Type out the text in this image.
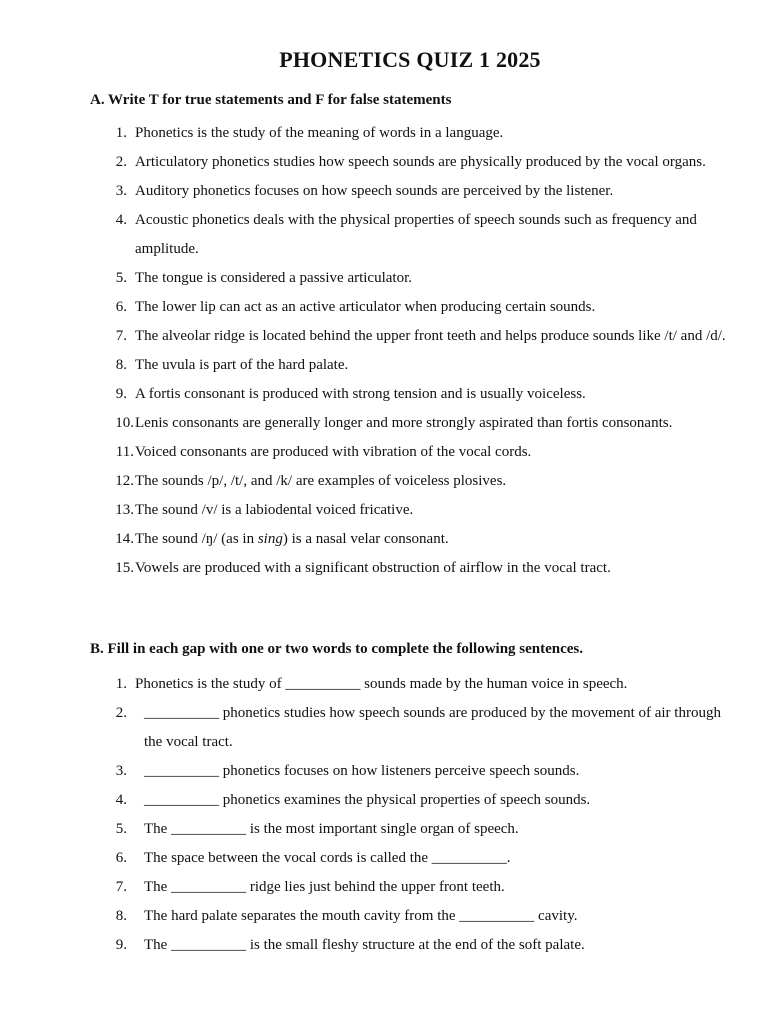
PHONETICS QUIZ 1 2025

A. Write T for true statements and F for false statements

1. Phonetics is the study of the meaning of words in a language.
2. Articulatory phonetics studies how speech sounds are physically produced by the vocal organs.
3. Auditory phonetics focuses on how speech sounds are perceived by the listener.
4. Acoustic phonetics deals with the physical properties of speech sounds such as frequency and amplitude.
5. The tongue is considered a passive articulator.
6. The lower lip can act as an active articulator when producing certain sounds.
7. The alveolar ridge is located behind the upper front teeth and helps produce sounds like /t/ and /d/.
8. The uvula is part of the hard palate.
9. A fortis consonant is produced with strong tension and is usually voiceless.
10. Lenis consonants are generally longer and more strongly aspirated than fortis consonants.
11. Voiced consonants are produced with vibration of the vocal cords.
12. The sounds /p/, /t/, and /k/ are examples of voiceless plosives.
13. The sound /v/ is a labiodental voiced fricative.
14. The sound /ŋ/ (as in sing) is a nasal velar consonant.
15. Vowels are produced with a significant obstruction of airflow in the vocal tract.

B. Fill in each gap with one or two words to complete the following sentences.

1. Phonetics is the study of __________ sounds made by the human voice in speech.
2. __________ phonetics studies how speech sounds are produced by the movement of air through the vocal tract.
3. __________ phonetics focuses on how listeners perceive speech sounds.
4. __________ phonetics examines the physical properties of speech sounds.
5. The __________ is the most important single organ of speech.
6. The space between the vocal cords is called the __________.
7. The __________ ridge lies just behind the upper front teeth.
8. The hard palate separates the mouth cavity from the __________ cavity.
9. The __________ is the small fleshy structure at the end of the soft palate.
